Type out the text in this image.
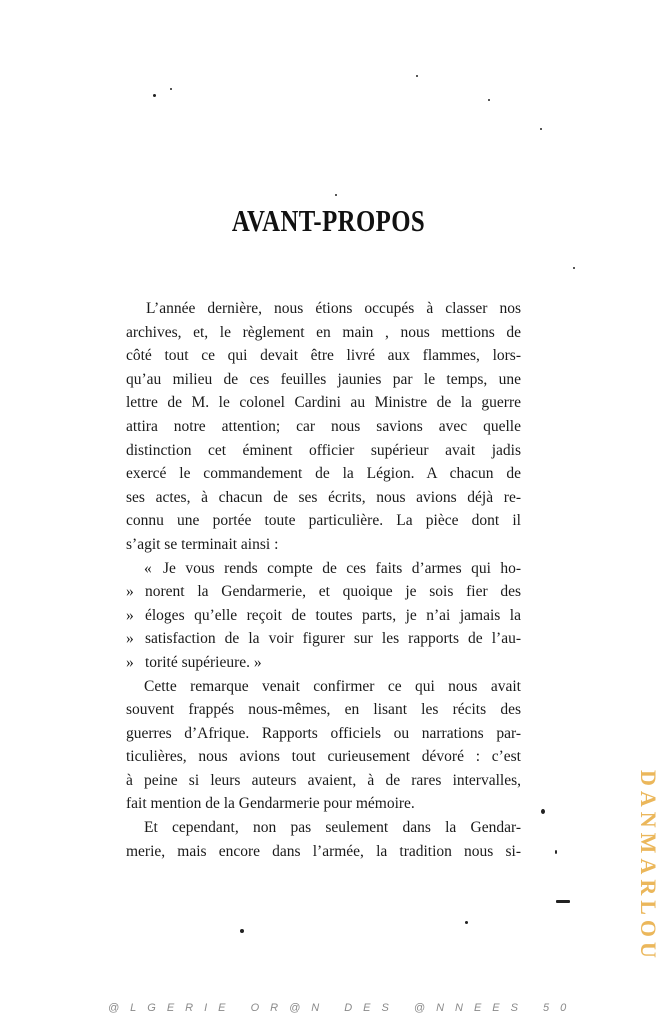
AVANT-PROPOS
L’année dernière, nous étions occupés à classer nos
archives, et, le règlement en main , nous mettions de
côté tout ce qui devait être livré aux flammes, lors-
qu’au milieu de ces feuilles jaunies par le temps, une
lettre de M. le colonel Cardini au Ministre de la guerre
attira notre attention; car nous savions avec quelle
distinction cet éminent officier supérieur avait jadis
exercé le commandement de la Légion. A chacun de
ses actes, à chacun de ses écrits, nous avions déjà re-
connu une portée toute particulière. La pièce dont il
s’agit se terminait ainsi :
« Je vous rends compte de ces faits d’armes qui ho-
» norent la Gendarmerie, et quoique je sois fier des
» éloges qu’elle reçoit de toutes parts, je n’ai jamais la
» satisfaction de la voir figurer sur les rapports de l’au-
» torité supérieure. »
Cette remarque venait confirmer ce qui nous avait
souvent frappés nous-mêmes, en lisant les récits des
guerres d’Afrique. Rapports officiels ou narrations par-
ticulières, nous avions tout curieusement dévoré : c’est
à peine si leurs auteurs avaient, à de rares intervalles,
fait mention de la Gendarmerie pour mémoire.
Et cependant, non pas seulement dans la Gendar-
merie, mais encore dans l’armée, la tradition nous si-	DANMARLOU
@LGERIE OR@N DES @NNEES 50
